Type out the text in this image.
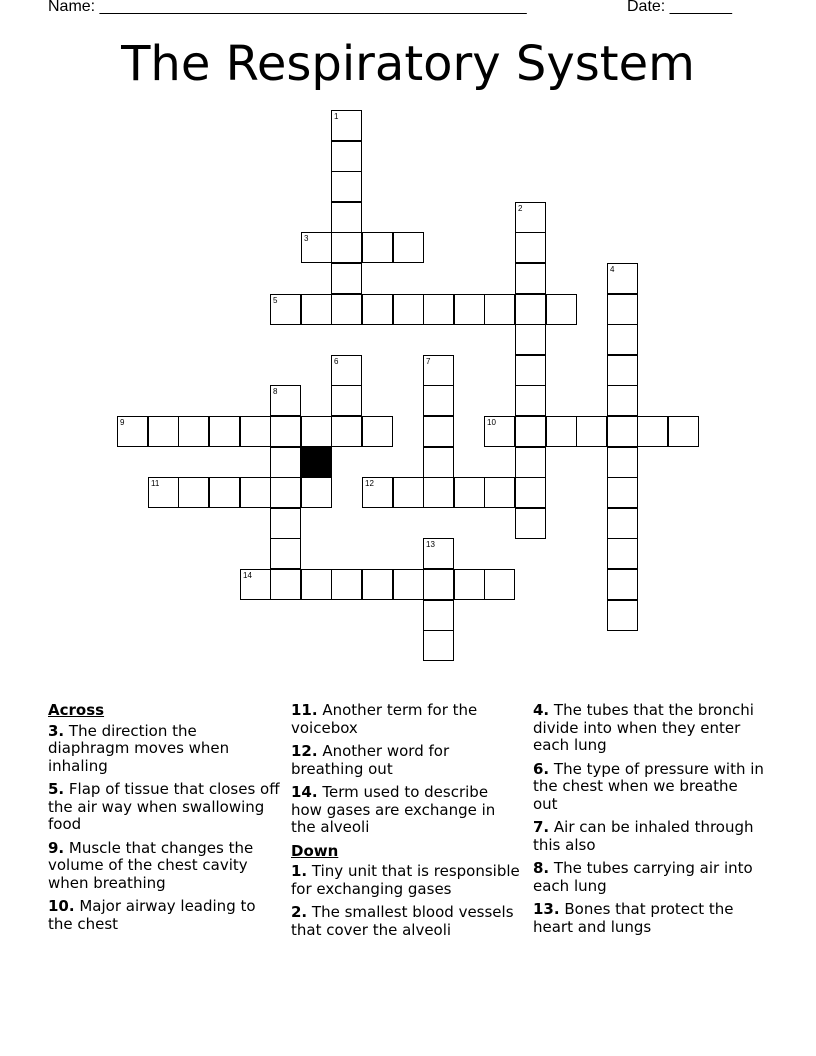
Name: ________________________________________________	Date: _______
The Respiratory System
3
5
9	10
11	12
14
1
2
4
6	7
8
13
Across
3. The direction the diaphragm moves when inhaling
5. Flap of tissue that closes off the air way when swallowing food
9. Muscle that changes the volume of the chest cavity when breathing
10. Major airway leading to the chest
11. Another term for the voicebox
12. Another word for breathing out
14. Term used to describe how gases are exchange in the alveoli
Down
1. Tiny unit that is responsible for exchanging gases
2. The smallest blood vessels that cover the alveoli
4. The tubes that the bronchi divide into when they enter each lung
6. The type of pressure with in the chest when we breathe out
7. Air can be inhaled through this also
8. The tubes carrying air into each lung
13. Bones that protect the heart and lungs
